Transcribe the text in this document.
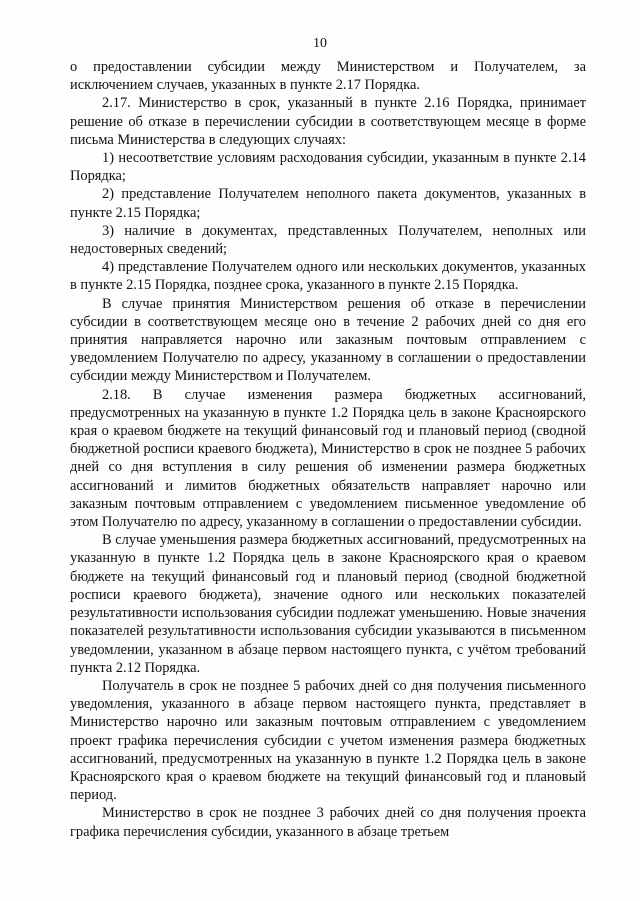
10

о предоставлении субсидии между Министерством и Получателем, за исключением случаев, указанных в пункте 2.17 Порядка.

2.17. Министерство в срок, указанный в пункте 2.16 Порядка, принимает решение об отказе в перечислении субсидии в соответствующем месяце в форме письма Министерства в следующих случаях:

1) несоответствие условиям расходования субсидии, указанным в пункте 2.14 Порядка;

2) представление Получателем неполного пакета документов, указанных в пункте 2.15 Порядка;

3) наличие в документах, представленных Получателем, неполных или недостоверных сведений;

4) представление Получателем одного или нескольких документов, указанных в пункте 2.15 Порядка, позднее срока, указанного в пункте 2.15 Порядка.

В случае принятия Министерством решения об отказе в перечислении субсидии в соответствующем месяце оно в течение 2 рабочих дней со дня его принятия направляется нарочно или заказным почтовым отправлением с уведомлением Получателю по адресу, указанному в соглашении о предоставлении субсидии между Министерством и Получателем.

2.18. В случае изменения размера бюджетных ассигнований, предусмотренных на указанную в пункте 1.2 Порядка цель в законе Красноярского края о краевом бюджете на текущий финансовый год и плановый период (сводной бюджетной росписи краевого бюджета), Министерство в срок не позднее 5 рабочих дней со дня вступления в силу решения об изменении размера бюджетных ассигнований и лимитов бюджетных обязательств направляет нарочно или заказным почтовым отправлением с уведомлением письменное уведомление об этом Получателю по адресу, указанному в соглашении о предоставлении субсидии.

В случае уменьшения размера бюджетных ассигнований, предусмотренных на указанную в пункте 1.2 Порядка цель в законе Красноярского края о краевом бюджете на текущий финансовый год и плановый период (сводной бюджетной росписи краевого бюджета), значение одного или нескольких показателей результативности использования субсидии подлежат уменьшению. Новые значения показателей результативности использования субсидии указываются в письменном уведомлении, указанном в абзаце первом настоящего пункта, с учётом требований пункта 2.12 Порядка.

Получатель в срок не позднее 5 рабочих дней со дня получения письменного уведомления, указанного в абзаце первом настоящего пункта, представляет в Министерство нарочно или заказным почтовым отправлением с уведомлением проект графика перечисления субсидии с учетом изменения размера бюджетных ассигнований, предусмотренных на указанную в пункте 1.2 Порядка цель в законе Красноярского края о краевом бюджете на текущий финансовый год и плановый период.

Министерство в срок не позднее 3 рабочих дней со дня получения проекта графика перечисления субсидии, указанного в абзаце третьем
